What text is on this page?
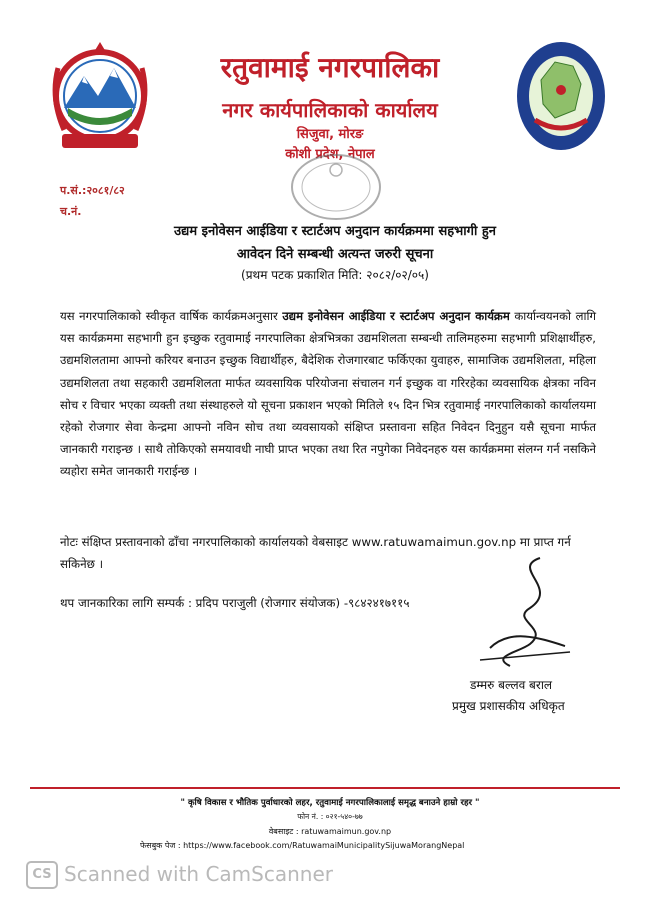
रतुवामाई नगरपालिका
नगर कार्यपालिकाको कार्यालय
सिजुवा, मोरङ
कोशी प्रदेश, नेपाल
प.सं.:२०८१/८२
च.नं.
उद्यम इनोवेसन आईडिया र स्टार्टअप अनुदान कार्यक्रममा सहभागी हुन
आवेदन दिने सम्बन्धी अत्यन्त जरुरी सूचना
(प्रथम पटक प्रकाशित मिति: २०८२/०२/०५)
यस नगरपालिकाको स्वीकृत वार्षिक कार्यक्रमअनुसार उद्यम इनोवेसन आईडिया र स्टार्टअप अनुदान कार्यक्रम कार्यान्वयनको लागि यस कार्यक्रममा सहभागी हुन इच्छुक रतुवामाई नगरपालिका क्षेत्रभित्रका उद्यमशिलता सम्बन्धी तालिमहरुमा सहभागी प्रशिक्षार्थीहरु, उद्यमशिलतामा आफ्नो करियर बनाउन इच्छुक विद्यार्थीहरु, बैदेशिक रोजगारबाट फर्किएका युवाहरु, सामाजिक उद्यमशिलता, महिला उद्यमशिलता तथा सहकारी उद्यमशिलता मार्फत व्यवसायिक परियोजना संचालन गर्न इच्छुक वा गरिरहेका व्यवसायिक क्षेत्रका नविन सोच र विचार भएका व्यक्ती तथा संस्थाहरुले यो सूचना प्रकाशन भएको मितिले १५ दिन भित्र रतुवामाई नगरपालिकाको कार्यालयमा रहेको रोजगार सेवा केन्द्रमा आफ्नो नविन सोच तथा व्यवसायको संक्षिप्त प्रस्तावना सहित निवेदन दिनुहुन यसै सूचना मार्फत जानकारी गराइन्छ । साथै तोकिएको समयावधी नाघी प्राप्त भएका तथा रित नपुगेका निवेदनहरु यस कार्यक्रममा संलग्न गर्न नसकिने व्यहोरा समेत जानकारी गराईन्छ ।
नोटः संक्षिप्त प्रस्तावनाको ढाँचा नगरपालिकाको कार्यालयको वेबसाइट www.ratuwamaimun.gov.np मा प्राप्त गर्न सकिनेछ ।
थप जानकारिका लागि सम्पर्क : प्रदिप पराजुली (रोजगार संयोजक) -९८४२४१७११५
डम्मरु बल्लव बराल
प्रमुख प्रशासकीय अधिकृत
" कृषि विकास र भौतिक पुर्वाधारको लहर, रतुवामाई नगरपालिकालाई समृद्ध बनाउने हाम्रो रहर "
फोन नं. : ०२१-५४०-७७
वेबसाइट : ratuwamaimun.gov.np
फेसबुक पेज : https://www.facebook.com/RatuwamaiMunicipalitySijuwaMorangNepal
CS Scanned with CamScanner
